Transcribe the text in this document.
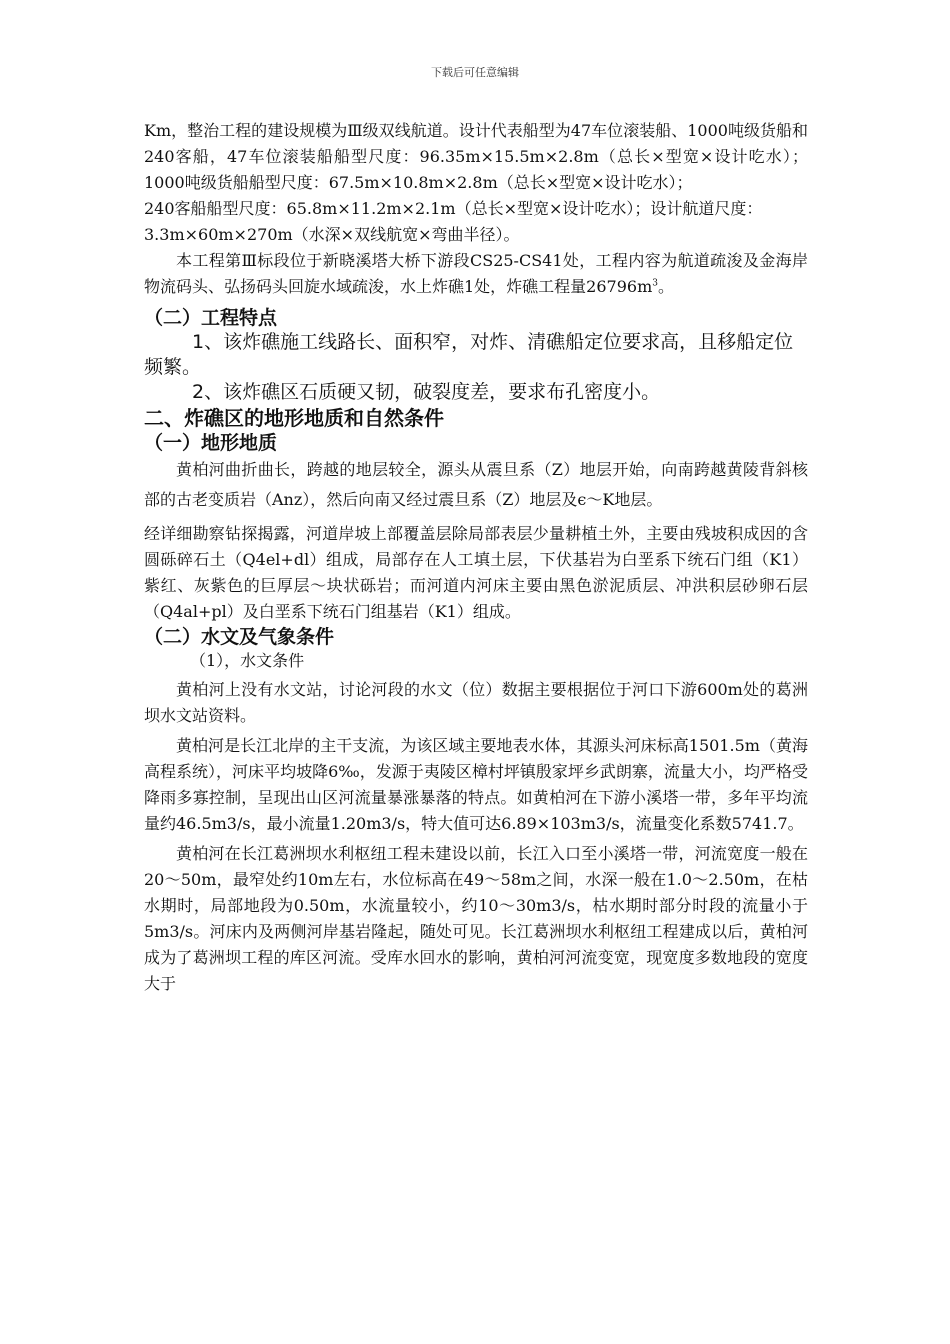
下载后可任意编辑

Km，整治工程的建设规模为Ⅲ级双线航道。设计代表船型为47车位滚装船、1000吨级货船和240客船，47车位滚装船船型尺度：96.35m×15.5m×2.8m（总长×型宽×设计吃水）；1000吨级货船船型尺度：67.5m×10.8m×2.8m（总长×型宽×设计吃水）；

240客船船型尺度：65.8m×11.2m×2.1m（总长×型宽×设计吃水）；设计航道尺度：

3.3m×60m×270m（水深×双线航宽×弯曲半径）。

本工程第Ⅲ标段位于新晓溪塔大桥下游段CS25-CS41处，工程内容为航道疏浚及金海岸物流码头、弘扬码头回旋水域疏浚，水上炸礁1处，炸礁工程量$26796m^3$。

（二）工程特点

1、该炸礁施工线路长、面积窄，对炸、清礁船定位要求高，且移船定位频繁。

2、该炸礁区石质硬又韧，破裂度差，要求布孔密度小。

二、炸礁区的地形地质和自然条件
（一）地形地质

黄柏河曲折曲长，跨越的地层较全，源头从震旦系（Z）地层开始，向南跨越黄陵背斜核部的古老变质岩（Anz），然后向南又经过震旦系（Z）地层及ϵ～K地层。

经详细勘察钻探揭露，河道岸坡上部覆盖层除局部表层少量耕植土外，主要由残坡积成因的含圆砾碎石土（Q4el+dl）组成，局部存在人工填土层，下伏基岩为白垩系下统石门组（K1）紫红、灰紫色的巨厚层～块状砾岩；而河道内河床主要由黑色淤泥质层、冲洪积层砂卵石层（Q4al+pl）及白垩系下统石门组基岩（K1）组成。

（二）水文及气象条件

（1），水文条件

黄柏河上没有水文站，讨论河段的水文（位）数据主要根据位于河口下游600m处的葛洲坝水文站资料。

黄柏河是长江北岸的主干支流，为该区域主要地表水体，其源头河床标高1501.5m（黄海高程系统），河床平均坡降6‰，发源于夷陵区樟村坪镇殷家坪乡武朗寨，流量大小，均严格受降雨多寡控制，呈现出山区河流量暴涨暴落的特点。如黄柏河在下游小溪塔一带，多年平均流量约46.5m3/s，最小流量1.20m3/s，特大值可达6.89×103m3/s，流量变化系数5741.7。

黄柏河在长江葛洲坝水利枢纽工程未建设以前，长江入口至小溪塔一带，河流宽度一般在20～50m，最窄处约10m左右，水位标高在49～58m之间，水深一般在1.0～2.50m，在枯水期时，局部地段为0.50m，水流量较小，约10～30m3/s，枯水期时部分时段的流量小于5m3/s。河床内及两侧河岸基岩隆起，随处可见。长江葛洲坝水利枢纽工程建成以后，黄柏河成为了葛洲坝工程的库区河流。受库水回水的影响，黄柏河河流变宽，现宽度多数地段的宽度大于
